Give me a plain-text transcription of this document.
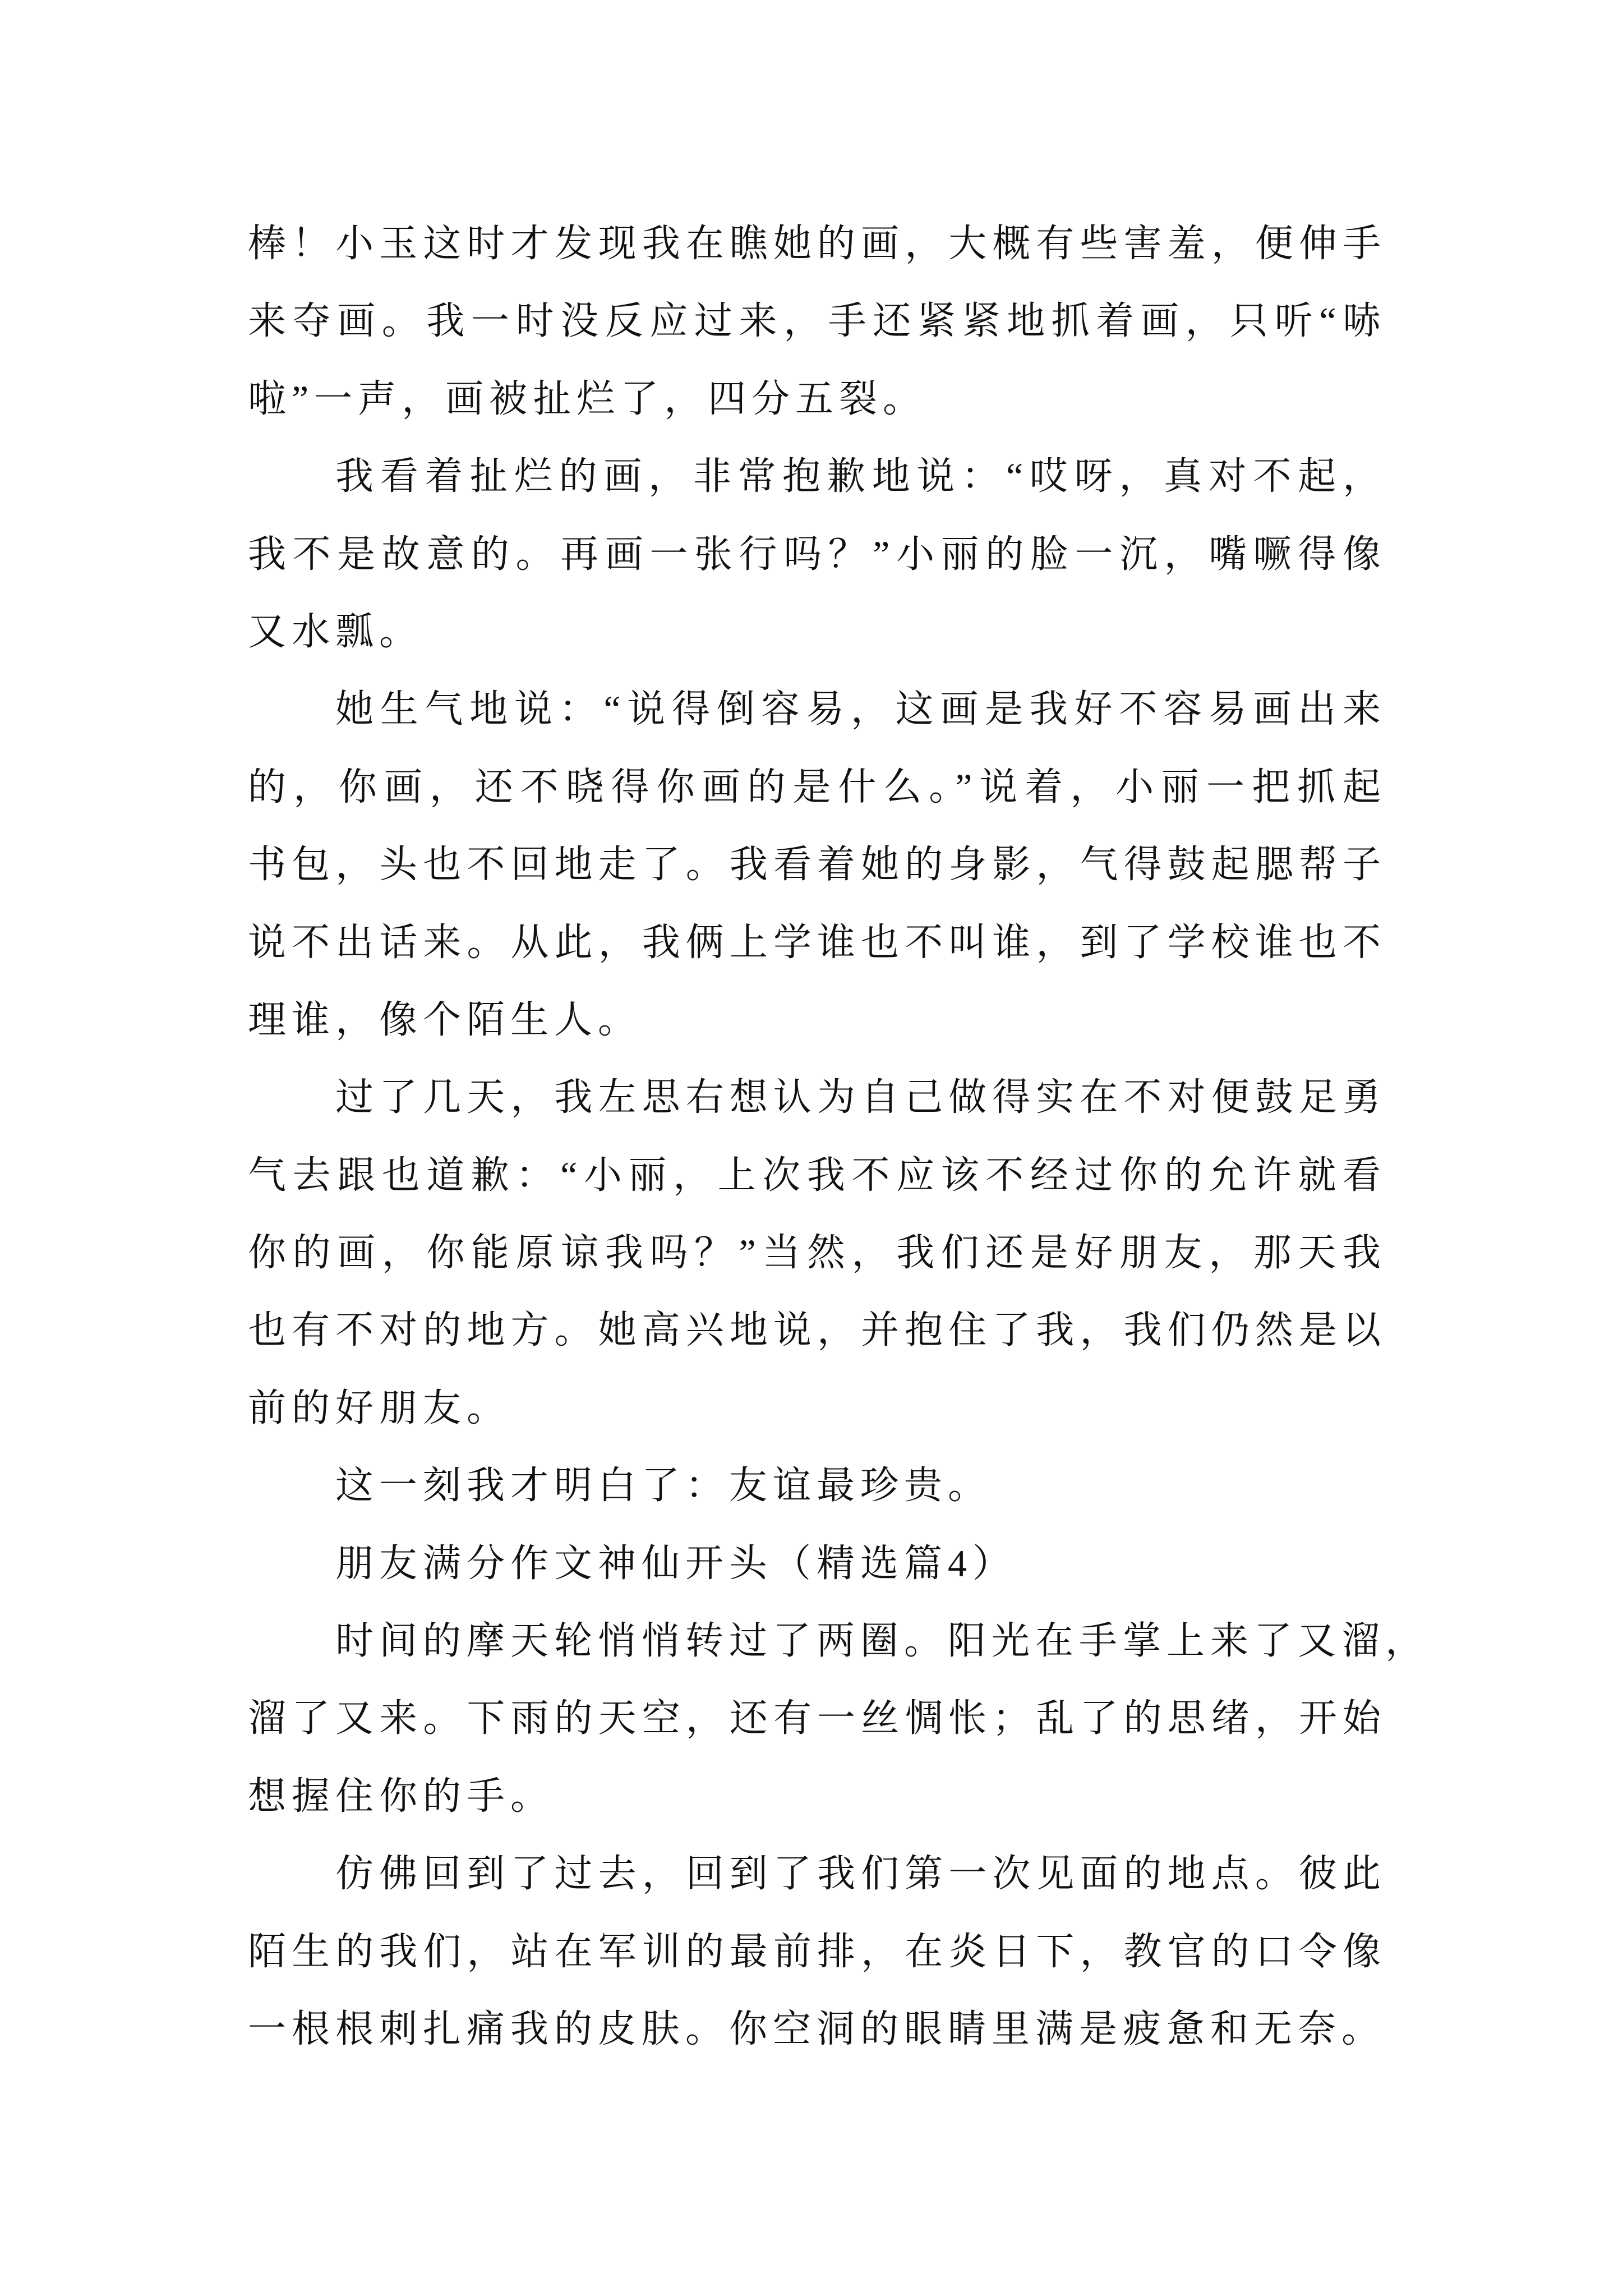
棒！小玉这时才发现我在瞧她的画，大概有些害羞，便伸手
来夺画。我一时没反应过来，手还紧紧地抓着画，只听“哧
啦”一声，画被扯烂了，四分五裂。
我看着扯烂的画，非常抱歉地说：“哎呀，真对不起，
我不是故意的。再画一张行吗？”小丽的脸一沉，嘴噘得像
又水瓢。
她生气地说：“说得倒容易，这画是我好不容易画出来
的，你画，还不晓得你画的是什么。”说着，小丽一把抓起
书包，头也不回地走了。我看着她的身影，气得鼓起腮帮子
说不出话来。从此，我俩上学谁也不叫谁，到了学校谁也不
理谁，像个陌生人。
过了几天，我左思右想认为自己做得实在不对便鼓足勇
气去跟也道歉：“小丽，上次我不应该不经过你的允许就看
你的画，你能原谅我吗？”当然，我们还是好朋友，那天我
也有不对的地方。她高兴地说，并抱住了我，我们仍然是以
前的好朋友。
这一刻我才明白了：友谊最珍贵。
朋友满分作文神仙开头（精选篇4）
时间的摩天轮悄悄转过了两圈。阳光在手掌上来了又溜，
溜了又来。下雨的天空，还有一丝惆怅；乱了的思绪，开始
想握住你的手。
仿佛回到了过去，回到了我们第一次见面的地点。彼此
陌生的我们，站在军训的最前排，在炎日下，教官的口令像
一根根刺扎痛我的皮肤。你空洞的眼睛里满是疲惫和无奈。
